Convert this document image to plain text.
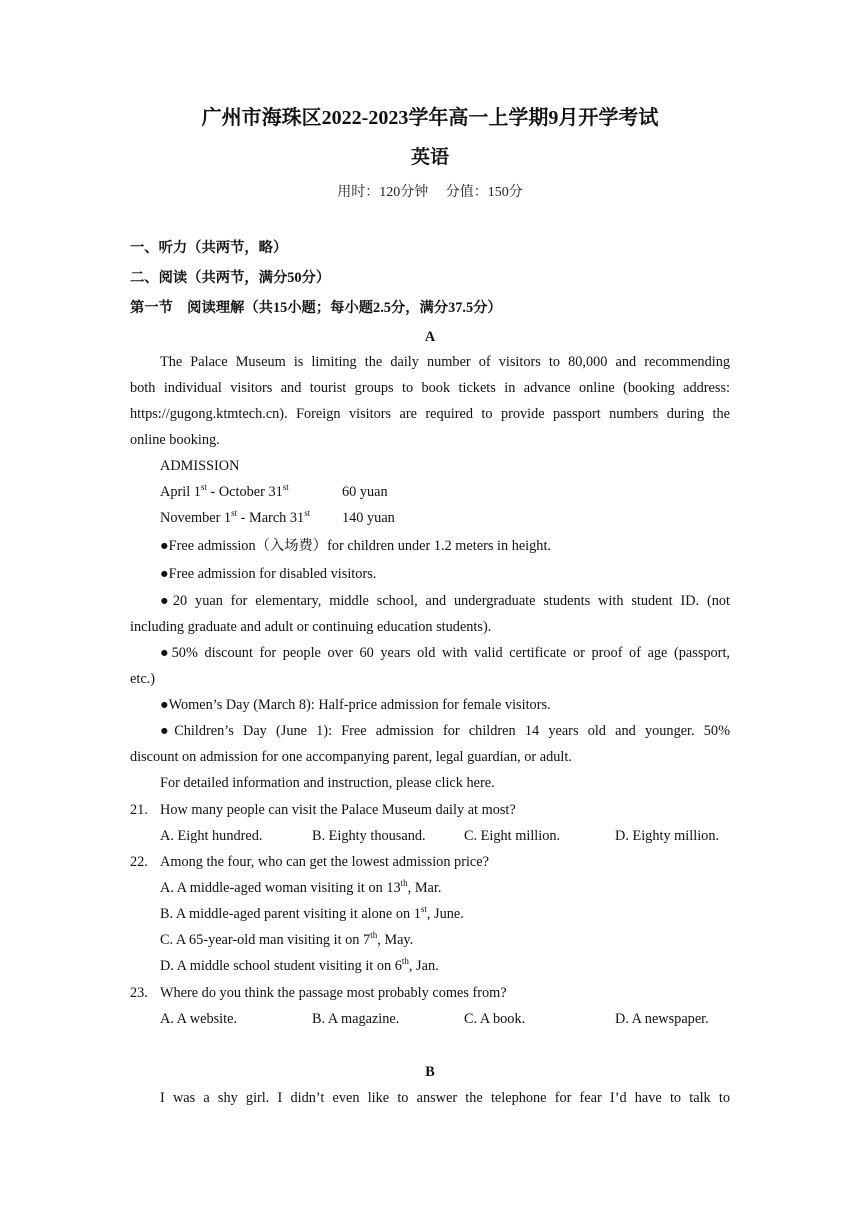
广州市海珠区2022-2023学年高一上学期9月开学考试
英语
用时：120分钟　 分值：150分
一、听力（共两节，略）
二、阅读（共两节，满分50分）
第一节　阅读理解（共15小题；每小题2.5分，满分37.5分）
A
The Palace Museum is limiting the daily number of visitors to 80,000 and recommending
both individual visitors and tourist groups to book tickets in advance online (booking address:
https://gugong.ktmtech.cn). Foreign visitors are required to provide passport numbers during the
online booking.
ADMISSION
April 1st - October 31st	60 yuan
November 1st - March 31st 140 yuan
●Free admission（入场费）for children under 1.2 meters in height.
●Free admission for disabled visitors.
●20 yuan for elementary, middle school, and undergraduate students with student ID. (not
including graduate and adult or continuing education students).
●50% discount for people over 60 years old with valid certificate or proof of age (passport,
etc.)
●Women’s Day (March 8): Half-price admission for female visitors.
●Children’s Day (June 1): Free admission for children 14 years old and younger. 50%
discount on admission for one accompanying parent, legal guardian, or adult.
For detailed information and instruction, please click here.
21. How many people can visit the Palace Museum daily at most?
A. Eight hundred.	B. Eighty thousand.	C. Eight million.	D. Eighty million.
22. Among the four, who can get the lowest admission price?
A. A middle-aged woman visiting it on 13th, Mar.
B. A middle-aged parent visiting it alone on 1st, June.
C. A 65-year-old man visiting it on 7th, May.
D. A middle school student visiting it on 6th, Jan.
23. Where do you think the passage most probably comes from?
A. A website.	B. A magazine.	C. A book.	D. A newspaper.
B
I was a shy girl. I didn’t even like to answer the telephone for fear I’d have to talk to
